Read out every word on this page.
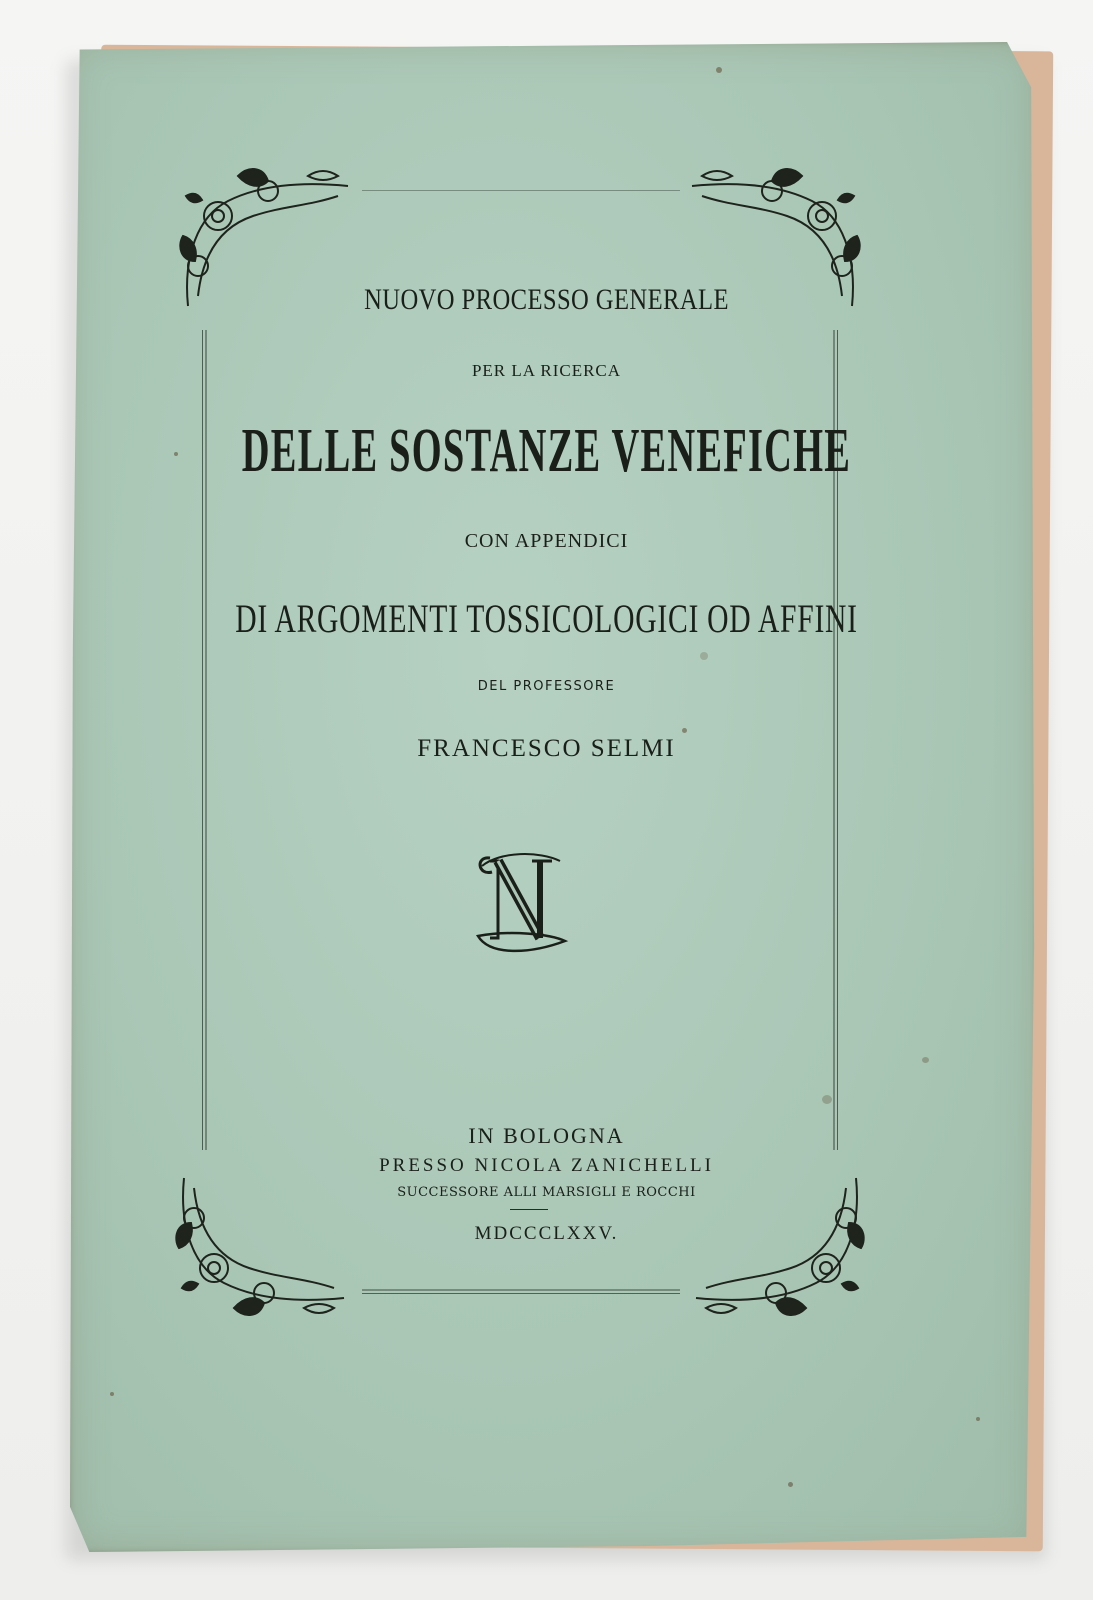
NUOVO PROCESSO GENERALE
PER LA RICERCA
DELLE SOSTANZE VENEFICHE
CON APPENDICI
DI ARGOMENTI TOSSICOLOGICI OD AFFINI
DEL PROFESSORE
FRANCESCO SELMI
IN BOLOGNA
PRESSO NICOLA ZANICHELLI
SUCCESSORE ALLI MARSIGLI E ROCCHI
MDCCCLXXV.
